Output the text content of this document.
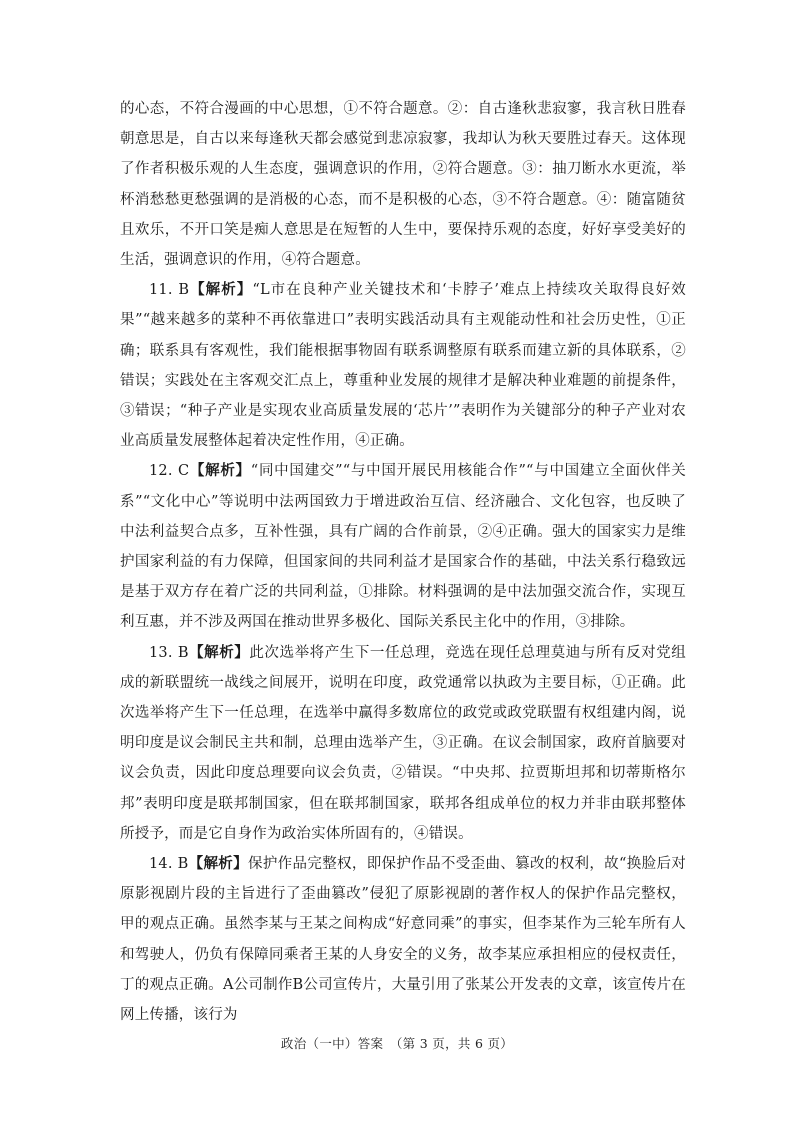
的心态，不符合漫画的中心思想，①不符合题意。②：自古逢秋悲寂寥，我言秋日胜春朝意思是，自古以来每逢秋天都会感觉到悲凉寂寥，我却认为秋天要胜过春天。这体现了作者积极乐观的人生态度，强调意识的作用，②符合题意。③：抽刀断水水更流，举杯消愁愁更愁强调的是消极的心态，而不是积极的心态，③不符合题意。④：随富随贫且欢乐，不开口笑是痴人意思是在短暂的人生中，要保持乐观的态度，好好享受美好的生活，强调意识的作用，④符合题意。

11. B【解析】“L市在良种产业关键技术和‘卡脖子’难点上持续攻关取得良好效果”“越来越多的菜种不再依靠进口”表明实践活动具有主观能动性和社会历史性，①正确；联系具有客观性，我们能根据事物固有联系调整原有联系而建立新的具体联系，②错误；实践处在主客观交汇点上，尊重种业发展的规律才是解决种业难题的前提条件，③错误；“种子产业是实现农业高质量发展的‘芯片’”表明作为关键部分的种子产业对农业高质量发展整体起着决定性作用，④正确。

12. C【解析】“同中国建交”“与中国开展民用核能合作”“与中国建立全面伙伴关系”“文化中心”等说明中法两国致力于增进政治互信、经济融合、文化包容，也反映了中法利益契合点多，互补性强，具有广阔的合作前景，②④正确。强大的国家实力是维护国家利益的有力保障，但国家间的共同利益才是国家合作的基础，中法关系行稳致远是基于双方存在着广泛的共同利益，①排除。材料强调的是中法加强交流合作，实现互利互惠，并不涉及两国在推动世界多极化、国际关系民主化中的作用，③排除。

13. B【解析】此次选举将产生下一任总理，竞选在现任总理莫迪与所有反对党组成的新联盟统一战线之间展开，说明在印度，政党通常以执政为主要目标，①正确。此次选举将产生下一任总理，在选举中赢得多数席位的政党或政党联盟有权组建内阁，说明印度是议会制民主共和制，总理由选举产生，③正确。在议会制国家，政府首脑要对议会负责，因此印度总理要向议会负责，②错误。“中央邦、拉贾斯坦邦和切蒂斯格尔邦”表明印度是联邦制国家，但在联邦制国家，联邦各组成单位的权力并非由联邦整体所授予，而是它自身作为政治实体所固有的，④错误。

14. B【解析】保护作品完整权，即保护作品不受歪曲、篡改的权利，故“换脸后对原影视剧片段的主旨进行了歪曲篡改”侵犯了原影视剧的著作权人的保护作品完整权，甲的观点正确。虽然李某与王某之间构成“好意同乘”的事实，但李某作为三轮车所有人和驾驶人，仍负有保障同乘者王某的人身安全的义务，故李某应承担相应的侵权责任，丁的观点正确。A公司制作B公司宣传片，大量引用了张某公开发表的文章，该宣传片在网上传播，该行为

政治（一中）答案　（第 3 页，共 6 页）
